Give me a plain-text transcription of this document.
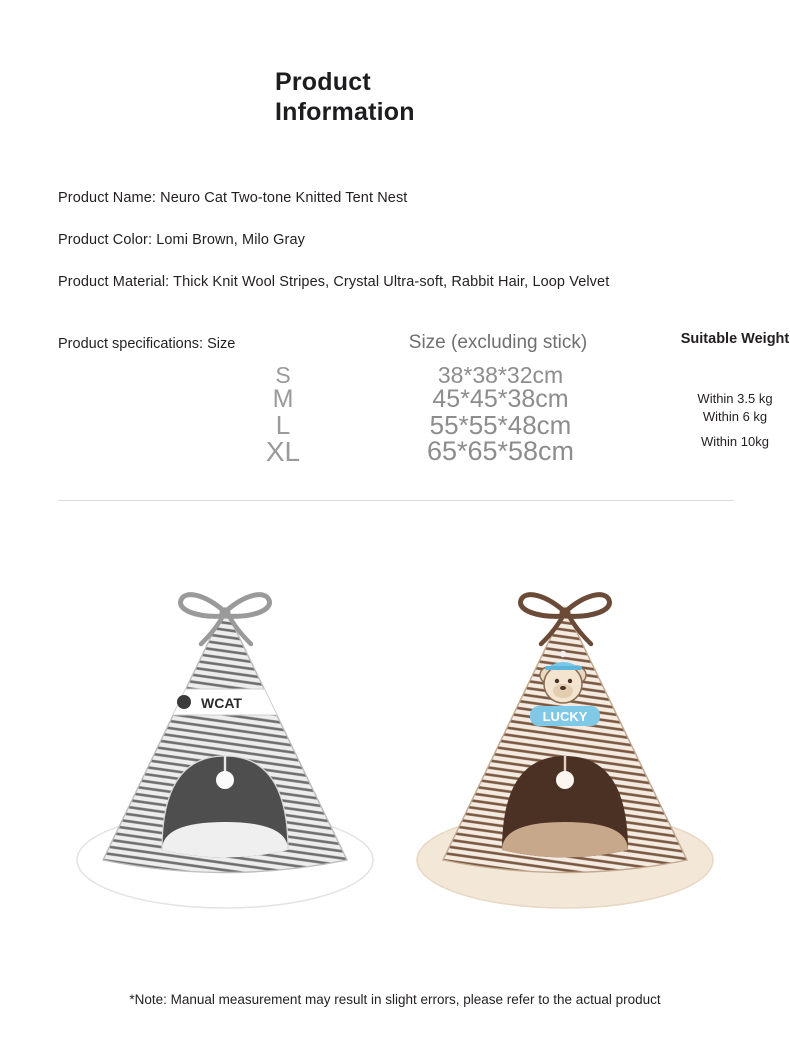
Product
Information
Product Name: Neuro Cat Two-tone Knitted Tent Nest
Product Color: Lomi Brown, Milo Gray
Product Material: Thick Knit Wool Stripes, Crystal Ultra-soft, Rabbit Hair, Loop Velvet
Product specifications: Size	Size (excluding stick)	Suitable Weight
S
M
L
XL
38*38*32cm
45*45*38cm
55*55*48cm
65*65*58cm
Within 3.5 kg
Within 6 kg
Within 10kg
WCAT
LUCKY
*Note: Manual measurement may result in slight errors, please refer to the actual product
